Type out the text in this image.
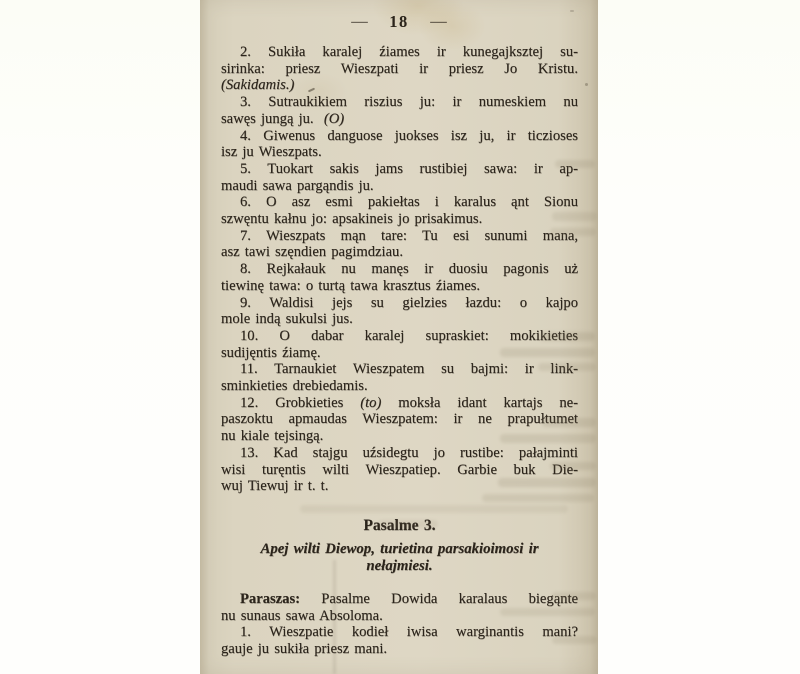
— 18 —
2. Sukiła karalej źiames ir kunegajksztej su-
sirinka: priesz Wieszpati ir priesz Jo Kristu.
(Sakidamis.)
3. Sutraukikiem riszius ju: ir numeskiem nu
sawęs jungą ju.  (O)
4. Giwenus danguose juokses isz ju, ir ticzioses
isz ju Wieszpats.
5. Tuokart sakis jams rustibiej sawa: ir ap-
maudi sawa pargąndis ju.
6. O asz esmi pakiełtas i karalus ąnt Sionu
szwęntu kałnu jo: apsakineis jo prisakimus.
7. Wieszpats mąn tare: Tu esi sunumi mana,
asz tawi szęndien pagimdziau.
8. Rejkałauk nu manęs ir duosiu pagonis uż
tiewinę tawa: o turtą tawa krasztus źiames.
9. Waldisi jejs su gielzies łazdu: o kajpo
mole indą sukulsi jus.
10. O dabar karalej supraskiet: mokikieties
sudijęntis źiamę.
11. Tarnaukiet Wieszpatem su bajmi: ir link-
sminkieties drebiedamis.
12. Grobkieties (to) moksła idant kartajs ne-
paszoktu apmaudas Wieszpatem: ir ne prapułtumet
nu kiale tejsingą.
13. Kad stajgu uźsidegtu jo rustibe: pałajminti
wisi turęntis wilti Wieszpatiep. Garbie buk Die-
wuj Tiewuj ir t. t.
Pasalme 3.
Apej wilti Diewop, turietina parsakioimosi ir
nełajmiesi.
Paraszas: Pasalme Dowida karalaus biegąnte
nu sunaus sawa Absoloma.
1. Wieszpatie kodieł iwisa warginantis mani?
gauje ju sukiła priesz mani.
